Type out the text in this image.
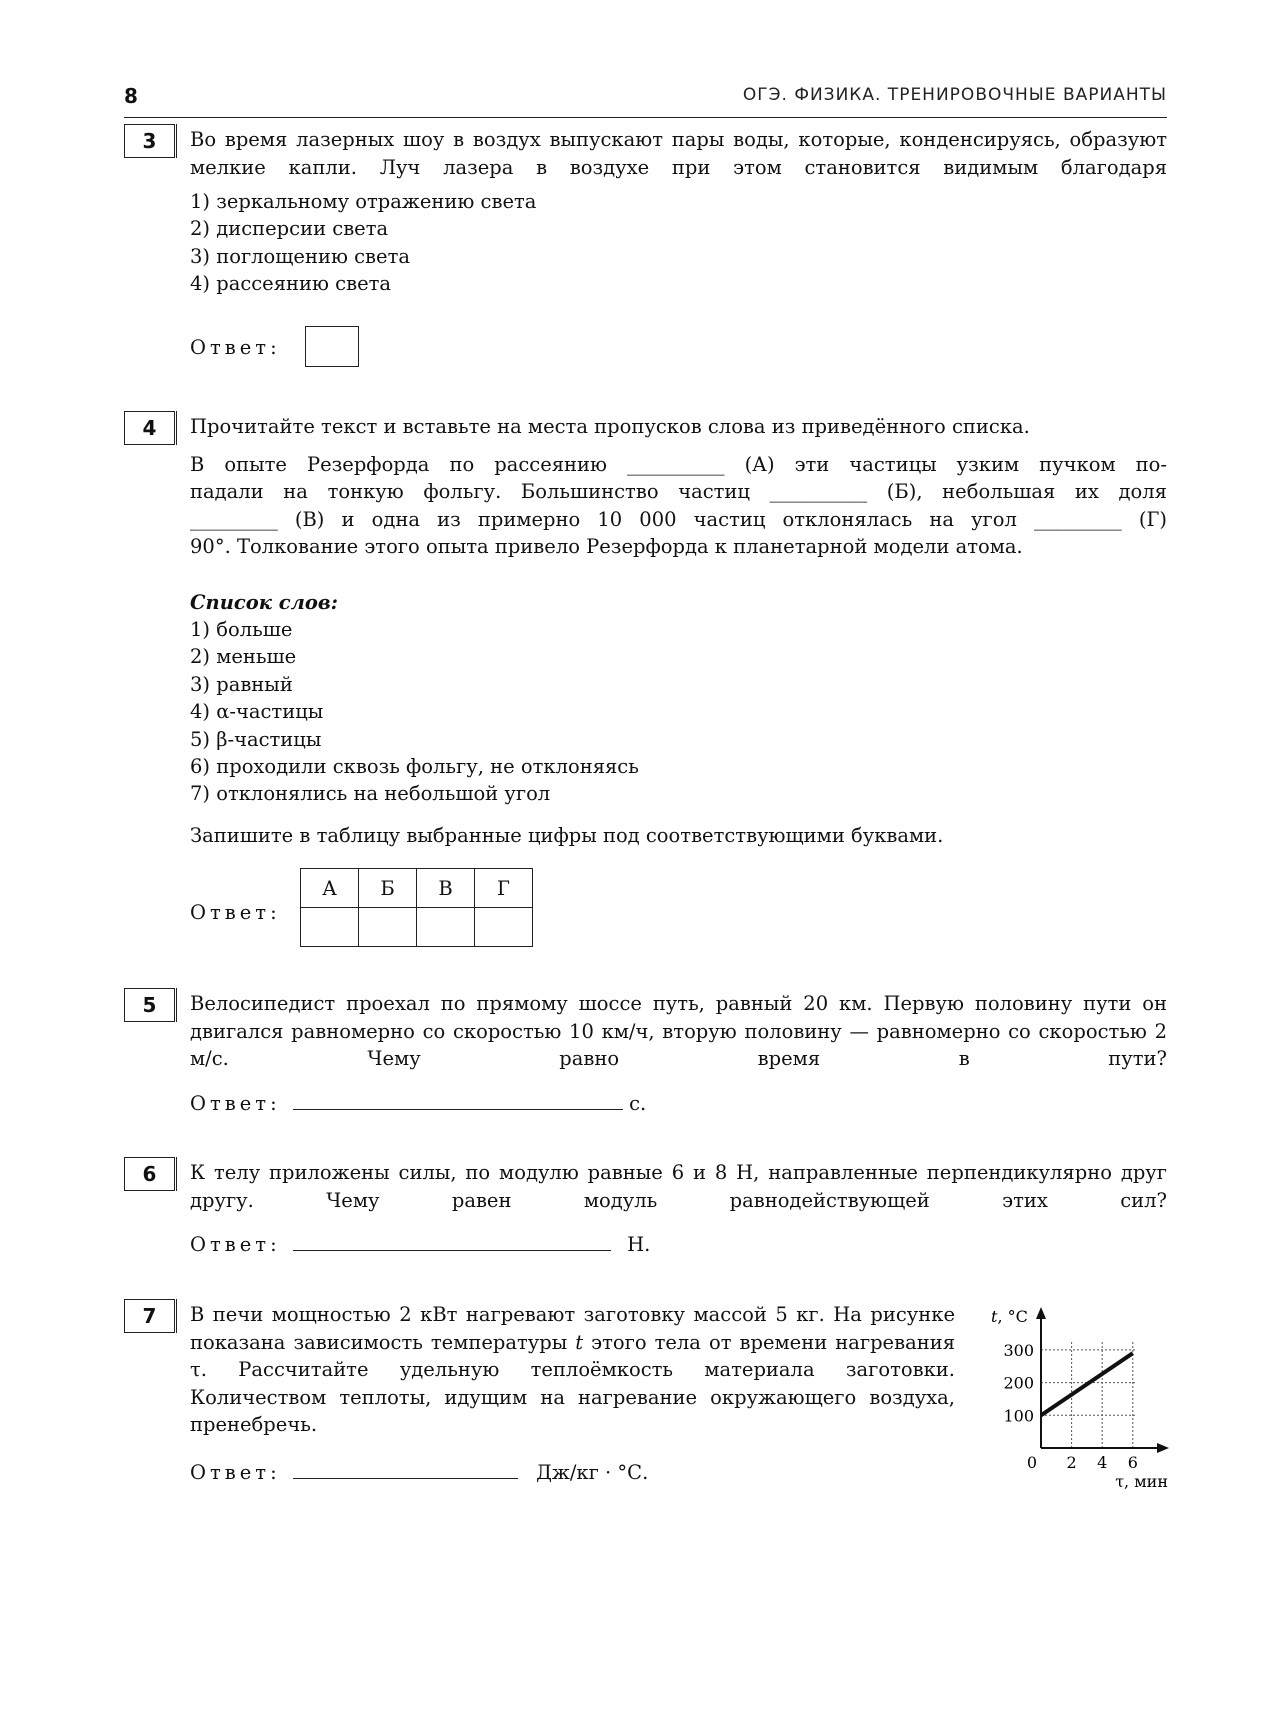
8	ОГЭ. ФИЗИКА. ТРЕНИРОВОЧНЫЕ ВАРИАНТЫ
3	Во время лазерных шоу в воздух выпускают пары воды, которые, конденсируясь, образуют мелкие капли. Луч лазера в воздухе при этом становится видимым благодаря
1) зеркальному отражению света
2) дисперсии света
3) поглощению света
4) рассеянию света
Ответ:
4	Прочитайте текст и вставьте на места пропусков слова из приведённого списка.
В опыте Резерфорда по рассеянию __________ (А) эти частицы узким пучком по-
падали на тонкую фольгу. Большинство частиц __________ (Б), небольшая их доля
_________ (В) и одна из примерно 10 000 частиц отклонялась на угол _________ (Г)
90°. Толкование этого опыта привело Резерфорда к планетарной модели атома.
Список слов:
1) больше
2) меньше
3) равный
4) α-частицы
5) β-частицы
6) проходили сквозь фольгу, не отклоняясь
7) отклонялись на небольшой угол
Запишите в таблицу выбранные цифры под соответствующими буквами.
Ответ:
А	Б	В	Г

5	Велосипедист проехал по прямому шоссе путь, равный 20 км. Первую половину пути он двигался равномерно со скоростью 10 км/ч, вторую половину — равномерно со скоростью 2 м/с. Чему равно время в пути?
Ответ:	с.
6	К телу приложены силы, по модулю равные 6 и 8 Н, направленные перпендикулярно друг другу. Чему равен модуль равнодействующей этих сил?
Ответ:	Н.
7	В печи мощностью 2 кВт нагревают заготовку массой 5 кг. На рисунке показана зависимость температуры t этого тела от времени нагревания τ. Рассчитайте удельную теплоёмкость материала заготовки. Количеством теплоты, идущим на нагревание окружающего воздуха, пренебречь.
Ответ:	Дж/кг · °С.	0 2 4 6
100
200
300
t, °С
τ, мин
